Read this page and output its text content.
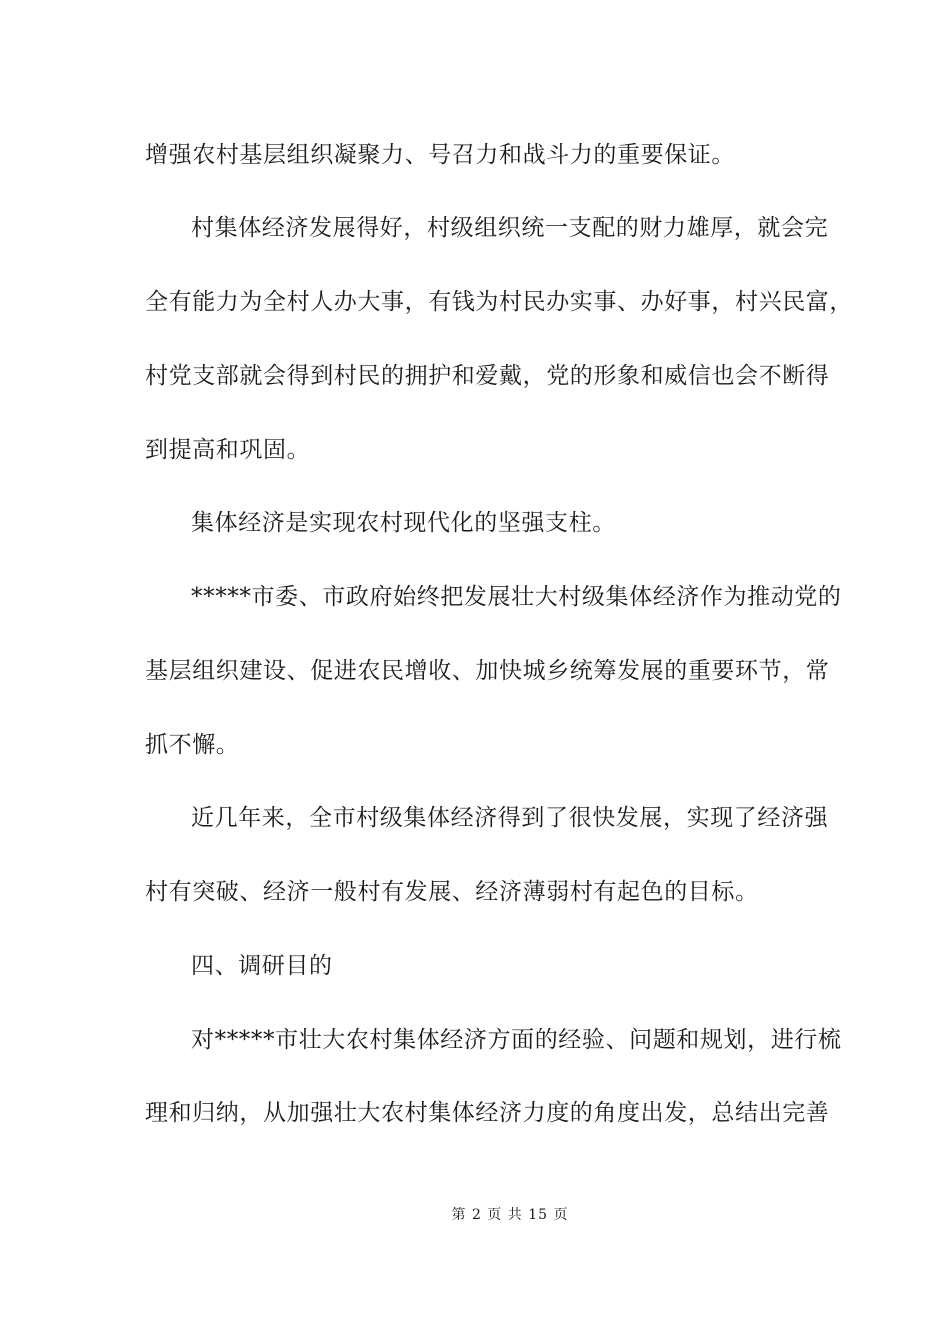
增强农村基层组织凝聚力、号召力和战斗力的重要保证。
村集体经济发展得好，村级组织统一支配的财力雄厚，就会完
全有能力为全村人办大事，有钱为村民办实事、办好事，村兴民富，
村党支部就会得到村民的拥护和爱戴，党的形象和威信也会不断得
到提高和巩固。
集体经济是实现农村现代化的坚强支柱。
*****市委、市政府始终把发展壮大村级集体经济作为推动党的
基层组织建设、促进农民增收、加快城乡统筹发展的重要环节，常
抓不懈。
近几年来，全市村级集体经济得到了很快发展，实现了经济强
村有突破、经济一般村有发展、经济薄弱村有起色的目标。
四、调研目的
对*****市壮大农村集体经济方面的经验、问题和规划，进行梳
理和归纳，从加强壮大农村集体经济力度的角度出发，总结出完善
第 2 页 共 15 页
